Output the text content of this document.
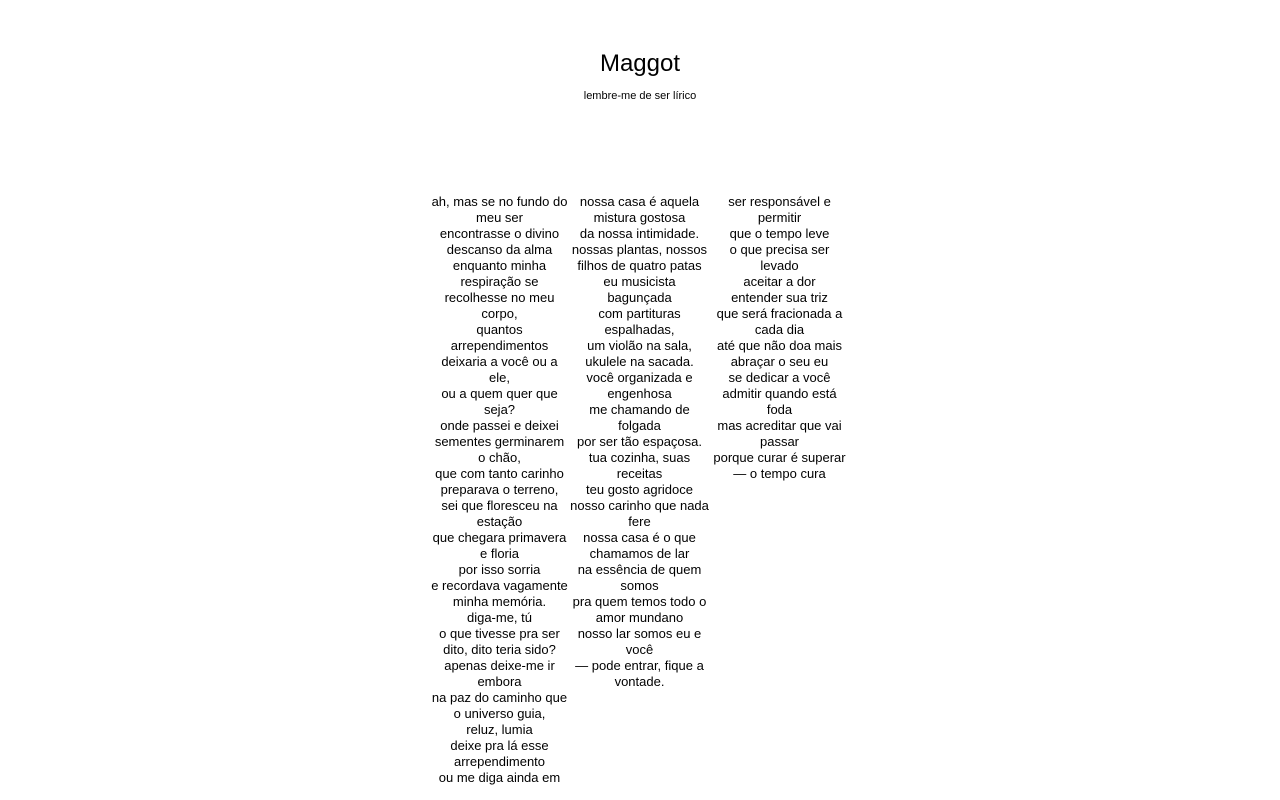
Maggot

lembre-me de ser lírico

ah, mas se no fundo do meu ser
encontrasse o divino descanso da alma
enquanto minha respiração se recolhesse no meu corpo,
quantos arrependimentos
deixaria a você ou a ele,
ou a quem quer que seja?
onde passei e deixei sementes germinarem o chão,
que com tanto carinho preparava o terreno,
sei que floresceu na estação
que chegara primavera e floria
por isso sorria
e recordava vagamente minha memória.
diga-me, tú
o que tivesse pra ser dito, dito teria sido?
apenas deixe-me ir embora
na paz do caminho que o universo guia,
reluz, lumia
deixe pra lá esse arrependimento
ou me diga ainda em
nossa casa é aquela mistura gostosa
da nossa intimidade.
nossas plantas, nossos filhos de quatro patas
eu musicista bagunçada
com partituras espalhadas,
um violão na sala,
ukulele na sacada.
você organizada e engenhosa
me chamando de folgada
por ser tão espaçosa.
tua cozinha, suas receitas
teu gosto agridoce
nosso carinho que nada fere
nossa casa é o que chamamos de lar
na essência de quem somos
pra quem temos todo o amor mundano
nosso lar somos eu e você
— pode entrar, fique a vontade.
ser responsável e permitir
que o tempo leve
o que precisa ser levado
aceitar a dor
entender sua triz
que será fracionada a cada dia
até que não doa mais
abraçar o seu eu
se dedicar a você
admitir quando está foda
mas acreditar que vai passar
porque curar é superar
— o tempo cura
